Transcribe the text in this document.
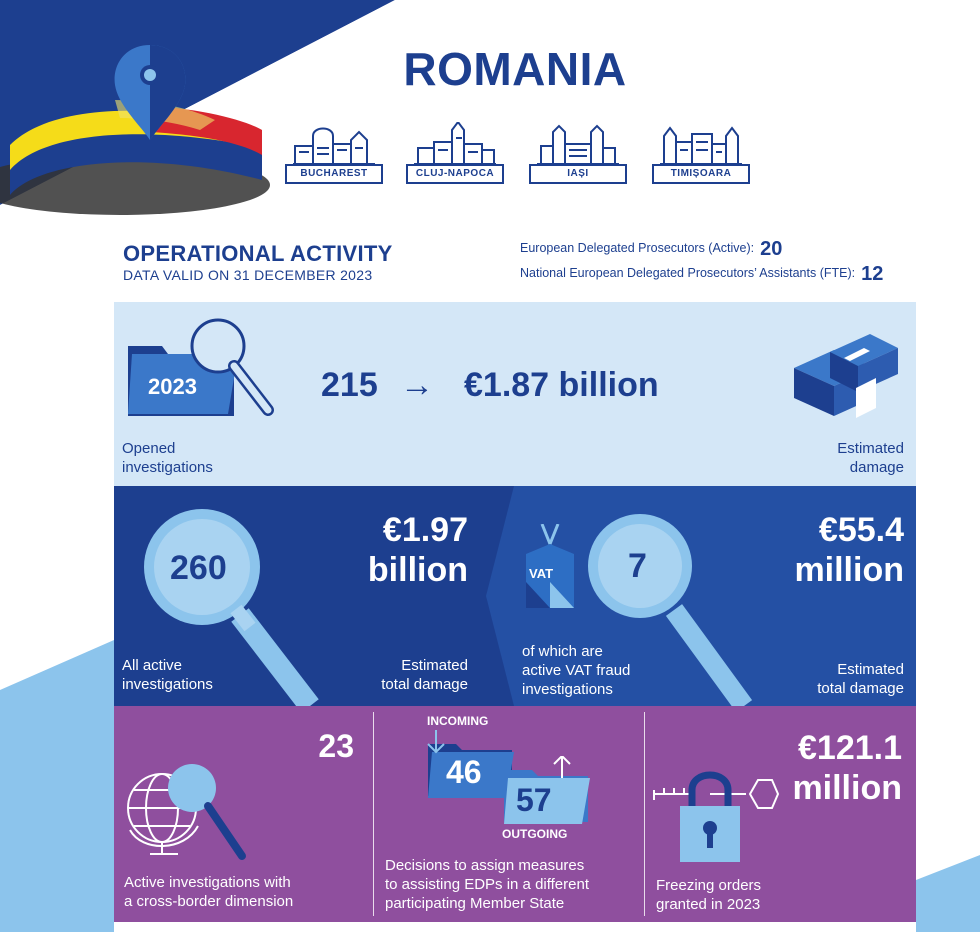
ROMANIA
BUCHAREST	CLUJ-NAPOCA	IAȘI	TIMIȘOARA
OPERATIONAL ACTIVITY
DATA VALID ON 31 DECEMBER 2023
European Delegated Prosecutors (Active): 20
National European Delegated Prosecutors’ Assistants (FTE): 12
2023	215 → €1.87 billion
Opened
investigations
Estimated
damage
260
All active
investigations
€1.97
billion
Estimated
total damage
VAT 7
of which are
active VAT fraud
investigations
€55.4
million
Estimated
total damage
23
Active investigations with
a cross-border dimension
INCOMING
46
57
OUTGOING
Decisions to assign measures
to assisting EDPs in a different
participating Member State
€121.1
million
Freezing orders
granted in 2023
